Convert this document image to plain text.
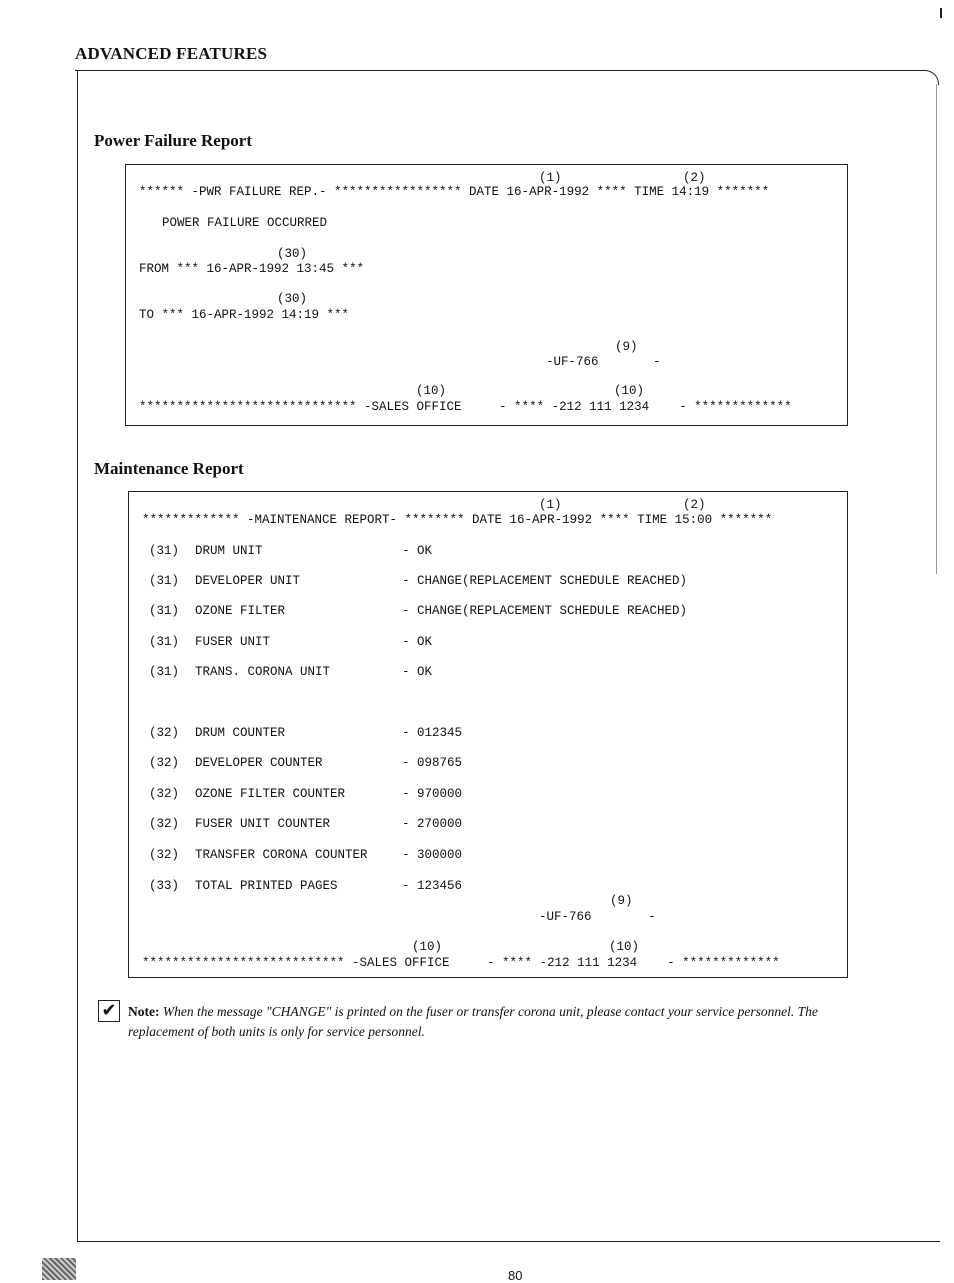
ADVANCED FEATURES
Power Failure Report
(1)	(2)
****** -PWR FAILURE REP.- ***************** DATE 16-APR-1992 **** TIME 14:19 *******
POWER FAILURE OCCURRED
(30)
FROM *** 16-APR-1992 13:45 ***
(30)
TO *** 16-APR-1992 14:19 ***
(9)
-UF-766	-
(10)	(10)
***************************** -SALES OFFICE     - **** -212 111 1234    - *************
Maintenance Report
(1)	(2)
************* -MAINTENANCE REPORT- ******** DATE 16-APR-1992 **** TIME 15:00 *******
(31) DRUM UNIT	- OK
(31) DEVELOPER UNIT	- CHANGE(REPLACEMENT SCHEDULE REACHED)
(31) OZONE FILTER	- CHANGE(REPLACEMENT SCHEDULE REACHED)
(31) FUSER UNIT	- OK
(31) TRANS. CORONA UNIT	- OK
(32) DRUM COUNTER	- 012345
(32) DEVELOPER COUNTER	- 098765
(32) OZONE FILTER COUNTER	- 970000
(32) FUSER UNIT COUNTER	- 270000
(32) TRANSFER CORONA COUNTER	- 300000
(33) TOTAL PRINTED PAGES	- 123456
(9)
-UF-766	-
(10)	(10)
*************************** -SALES OFFICE     - **** -212 111 1234    - *************
✔ Note: When the message "CHANGE" is printed on the fuser or transfer corona unit, please contact your service personnel. The replacement of both units is only for service personnel.
80
